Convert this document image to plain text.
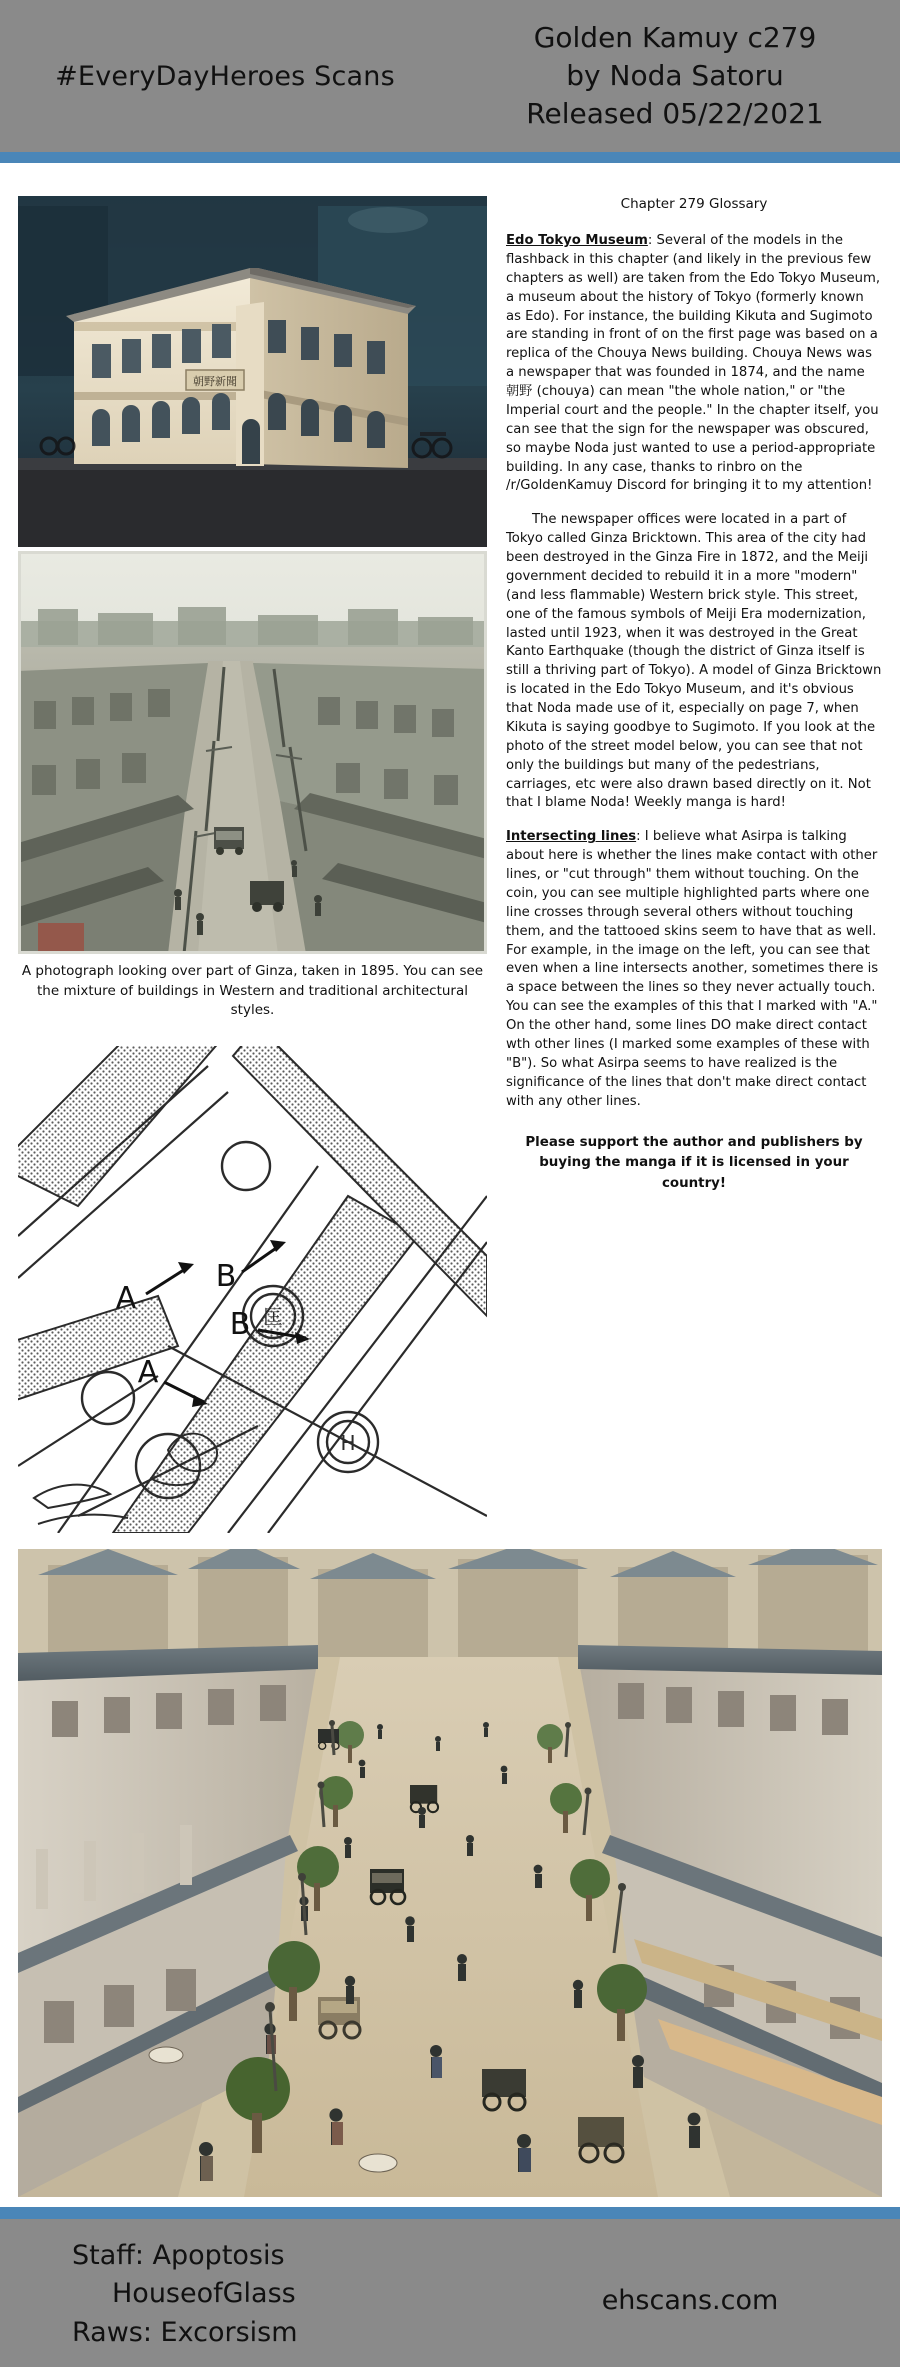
#EveryDayHeroes Scans
Golden Kamuy c279
by Noda Satoru
Released 05/22/2021
朝野新聞
A photograph looking over part of Ginza, taken in 1895. You can see the mixture of buildings in Western and traditional architectural styles.
匡
H
A
B
B
A
Chapter 279 Glossary
Edo Tokyo Museum: Several of the models in the flashback in this chapter (and likely in the previous few chapters as well) are taken from the Edo Tokyo Museum, a museum about the history of Tokyo (formerly known as Edo). For instance, the building Kikuta and Sugimoto are standing in front of on the first page was based on a replica of the Chouya News building. Chouya News was a newspaper that was founded in 1874, and the name 朝野 (chouya) can mean "the whole nation," or "the Imperial court and the people." In the chapter itself, you can see that the sign for the newspaper was obscured, so maybe Noda just wanted to use a period-appropriate building. In any case, thanks to rinbro on the /r/GoldenKamuy Discord for bringing it to my attention!
The newspaper offices were located in a part of Tokyo called Ginza Bricktown. This area of the city had been destroyed in the Ginza Fire in 1872, and the Meiji government decided to rebuild it in a more "modern" (and less flammable) Western brick style. This street, one of the famous symbols of Meiji Era modernization, lasted until 1923, when it was destroyed in the Great Kanto Earthquake (though the district of Ginza itself is still a thriving part of Tokyo). A model of Ginza Bricktown is located in the Edo Tokyo Museum, and it's obvious that Noda made use of it, especially on page 7, when Kikuta is saying goodbye to Sugimoto. If you look at the photo of the street model below, you can see that not only the buildings but many of the pedestrians, carriages, etc were also drawn based directly on it. Not that I blame Noda! Weekly manga is hard!
Intersecting lines: I believe what Asirpa is talking about here is whether the lines make contact with other lines, or "cut through" them without touching. On the coin, you can see multiple highlighted parts where one line crosses through several others without touching them, and the tattooed skins seem to have that as well. For example, in the image on the left, you can see that even when a line intersects another, sometimes there is a space between the lines so they never actually touch. You can see the examples of this that I marked with "A." On the other hand, some lines DO make direct contact wth other lines (I marked some examples of these with "B"). So what Asirpa seems to have realized is the significance of the lines that don't make direct contact with any other lines.
Please support the author and publishers by buying the manga if it is licensed in your country!
Staff: Apoptosis
HouseofGlass
Raws: Excorsism
ehscans.com
